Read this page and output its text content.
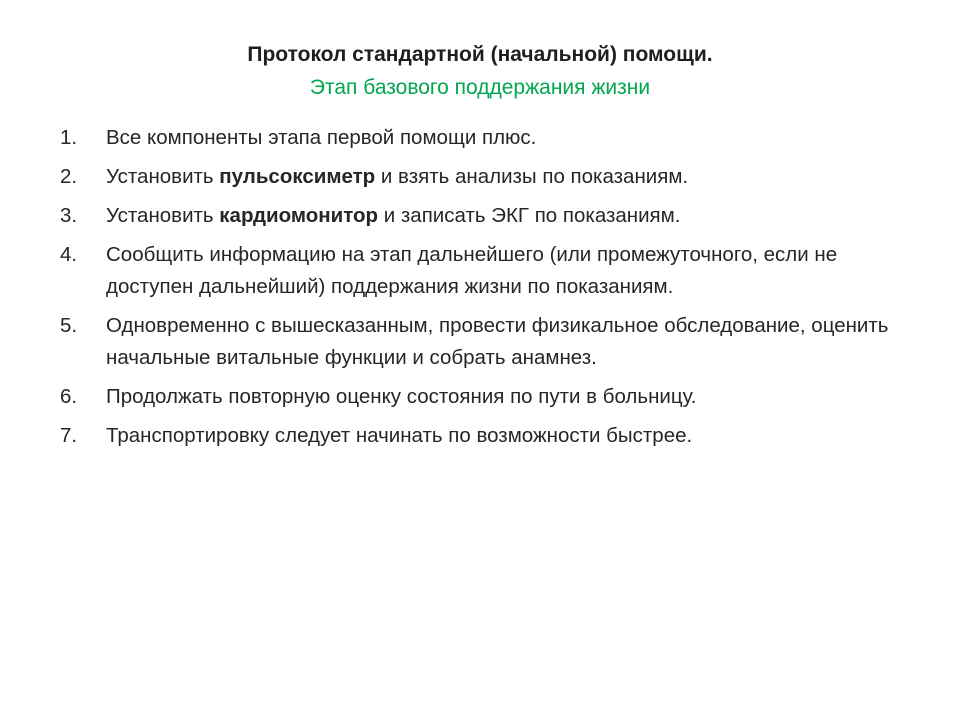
Протокол стандартной (начальной) помощи.
Этап базового поддержания жизни
1.	Все компоненты этапа первой помощи плюс.
2.	Установить пульсоксиметр и взять анализы по показаниям.
3.	Установить кардиомонитор и записать ЭКГ по показаниям.
4.	Сообщить информацию на этап дальнейшего (или промежуточного, если не доступен дальнейший) поддержания жизни по показаниям.
5.	Одновременно с вышесказанным, провести физикальное обследование, оценить начальные витальные функции и собрать анамнез.
6.	Продолжать повторную оценку состояния по пути в больницу.
7.	Транспортировку следует начинать по возможности быстрее.
